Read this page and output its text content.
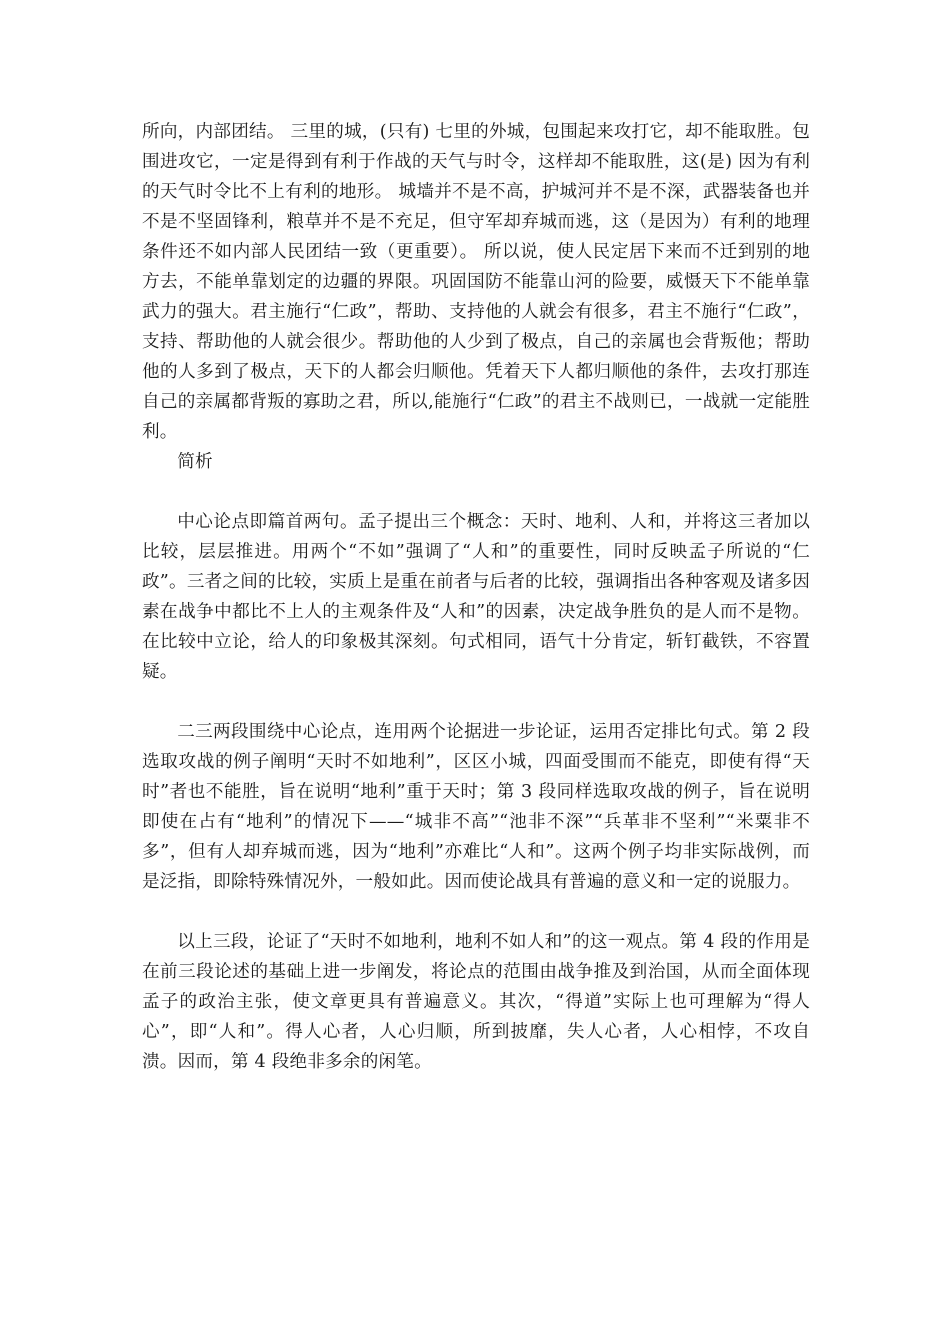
所向，内部团结。 三里的城，(只有) 七里的外城，包围起来攻打它，却不能取胜。包围进攻它，一定是得到有利于作战的天气与时令，这样却不能取胜，这(是) 因为有利的天气时令比不上有利的地形。 城墙并不是不高，护城河并不是不深，武器装备也并不是不坚固锋利，粮草并不是不充足，但守军却弃城而逃，这（是因为）有利的地理条件还不如内部人民团结一致（更重要）。 所以说，使人民定居下来而不迁到别的地方去，不能单靠划定的边疆的界限。巩固国防不能靠山河的险要，威慑天下不能单靠武力的强大。君主施行“仁政”，帮助、支持他的人就会有很多，君主不施行“仁政”，支持、帮助他的人就会很少。帮助他的人少到了极点，自己的亲属也会背叛他；帮助他的人多到了极点，天下的人都会归顺他。凭着天下人都归顺他的条件，去攻打那连自己的亲属都背叛的寡助之君，所以,能施行“仁政”的君主不战则已，一战就一定能胜利。

简析

中心论点即篇首两句。孟子提出三个概念：天时、地利、人和，并将这三者加以比较，层层推进。用两个“不如”强调了“人和”的重要性，同时反映孟子所说的“仁政”。三者之间的比较，实质上是重在前者与后者的比较，强调指出各种客观及诸多因素在战争中都比不上人的主观条件及“人和”的因素，决定战争胜负的是人而不是物。在比较中立论，给人的印象极其深刻。句式相同，语气十分肯定，斩钉截铁，不容置疑。

二三两段围绕中心论点，连用两个论据进一步论证，运用否定排比句式。第 2 段选取攻战的例子阐明“天时不如地利”，区区小城，四面受围而不能克，即使有得“天时”者也不能胜，旨在说明“地利”重于天时；第 3 段同样选取攻战的例子，旨在说明即使在占有“地利”的情况下——“城非不高”“池非不深”“兵革非不坚利”“米粟非不多”，但有人却弃城而逃，因为“地利”亦难比“人和”。这两个例子均非实际战例，而是泛指，即除特殊情况外，一般如此。因而使论战具有普遍的意义和一定的说服力。

以上三段，论证了“天时不如地利，地利不如人和”的这一观点。第 4 段的作用是在前三段论述的基础上进一步阐发，将论点的范围由战争推及到治国，从而全面体现孟子的政治主张，使文章更具有普遍意义。其次，“得道”实际上也可理解为“得人心”，即“人和”。得人心者，人心归顺，所到披靡，失人心者，人心相悖，不攻自溃。因而，第 4 段绝非多余的闲笔。
